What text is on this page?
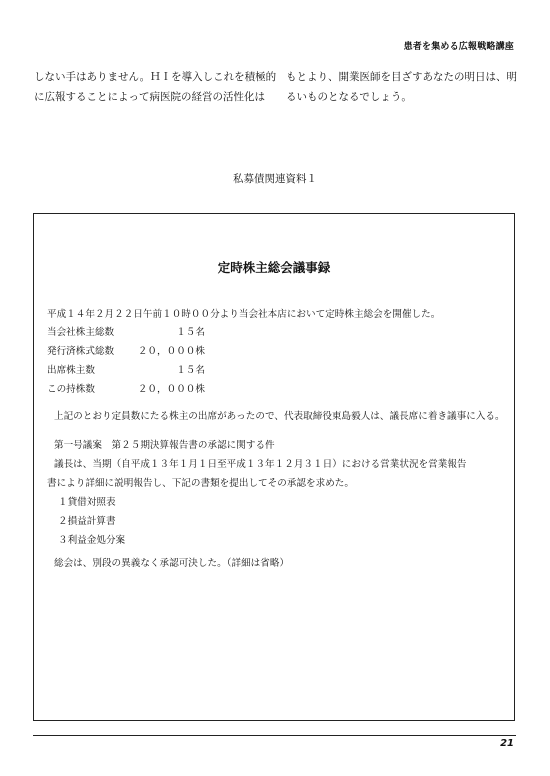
患者を集める広報戦略講座
しない手はありません。ＨＩを導入しこれを積極的
に広報することによって病医院の経営の活性化は
もとより、開業医師を目ざすあなたの明日は、明
るいものとなるでしょう。
私募債関連資料１
定時株主総会議事録
平成１４年２月２２日午前１０時００分より当会社本店において定時株主総会を開催した。
当会社株主総数	１５名
発行済株式総数 ２０，０００株
出席株主数	１５名
この持株数	２０，０００株
上記のとおり定員数にたる株主の出席があったので、代表取締役東島毅人は、議長席に着き議事に入る。
第一号議案　第２５期決算報告書の承認に関する件
議長は、当期（自平成１３年１月１日至平成１３年１２月３１日）における営業状況を営業報告
書により詳細に説明報告し、下記の書類を提出してその承認を求めた。
１貸借対照表
２損益計算書
３利益金処分案
総会は、別段の異義なく承認可決した。（詳細は省略）
21
